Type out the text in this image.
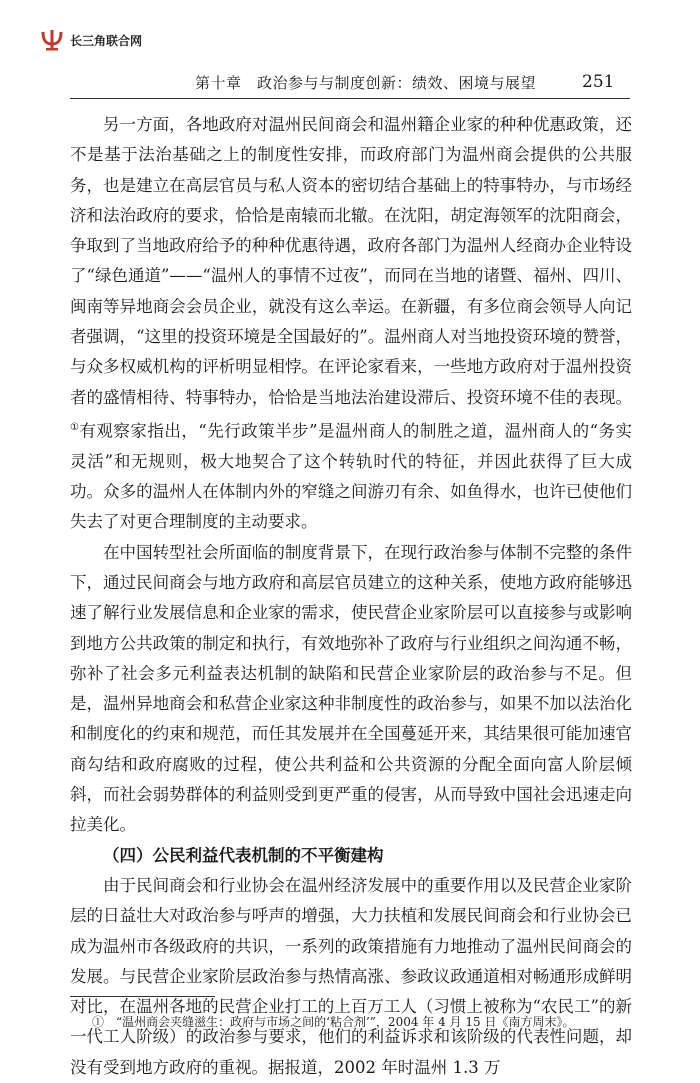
长三角联合网
第十章　政治参与与制度创新：绩效、困境与展望	251

另一方面，各地政府对温州民间商会和温州籍企业家的种种优惠政策，还不是基于法治基础之上的制度性安排，而政府部门为温州商会提供的公共服务，也是建立在高层官员与私人资本的密切结合基础上的特事特办，与市场经济和法治政府的要求，恰恰是南辕而北辙。在沈阳，胡定海领军的沈阳商会，争取到了当地政府给予的种种优惠待遇，政府各部门为温州人经商办企业特设了“绿色通道”——“温州人的事情不过夜”，而同在当地的诸暨、福州、四川、闽南等异地商会会员企业，就没有这么幸运。在新疆，有多位商会领导人向记者强调，“这里的投资环境是全国最好的”。温州商人对当地投资环境的赞誉，与众多权威机构的评析明显相悖。在评论家看来，一些地方政府对于温州投资者的盛情相待、特事特办，恰恰是当地法治建设滞后、投资环境不佳的表现。①有观察家指出，“先行政策半步”是温州商人的制胜之道，温州商人的“务实灵活”和无规则，极大地契合了这个转轨时代的特征，并因此获得了巨大成功。众多的温州人在体制内外的窄缝之间游刃有余、如鱼得水，也许已使他们失去了对更合理制度的主动要求。

在中国转型社会所面临的制度背景下，在现行政治参与体制不完整的条件下，通过民间商会与地方政府和高层官员建立的这种关系，使地方政府能够迅速了解行业发展信息和企业家的需求，使民营企业家阶层可以直接参与或影响到地方公共政策的制定和执行，有效地弥补了政府与行业组织之间沟通不畅，弥补了社会多元利益表达机制的缺陷和民营企业家阶层的政治参与不足。但是，温州异地商会和私营企业家这种非制度性的政治参与，如果不加以法治化和制度化的约束和规范，而任其发展并在全国蔓延开来，其结果很可能加速官商勾结和政府腐败的过程，使公共利益和公共资源的分配全面向富人阶层倾斜，而社会弱势群体的利益则受到更严重的侵害，从而导致中国社会迅速走向拉美化。

（四）公民利益代表机制的不平衡建构

由于民间商会和行业协会在温州经济发展中的重要作用以及民营企业家阶层的日益壮大对政治参与呼声的增强，大力扶植和发展民间商会和行业协会已成为温州市各级政府的共识，一系列的政策措施有力地推动了温州民间商会的发展。与民营企业家阶层政治参与热情高涨、参政议政通道相对畅通形成鲜明对比，在温州各地的民营企业打工的上百万工人（习惯上被称为“农民工”的新一代工人阶级）的政治参与要求，他们的利益诉求和该阶级的代表性问题，却没有受到地方政府的重视。据报道，2002 年时温州 1.3 万

①　 “温州商会夹缝滋生：政府与市场之间的‘粘合剂’”，2004 年 4 月 15 日《南方周末》。
